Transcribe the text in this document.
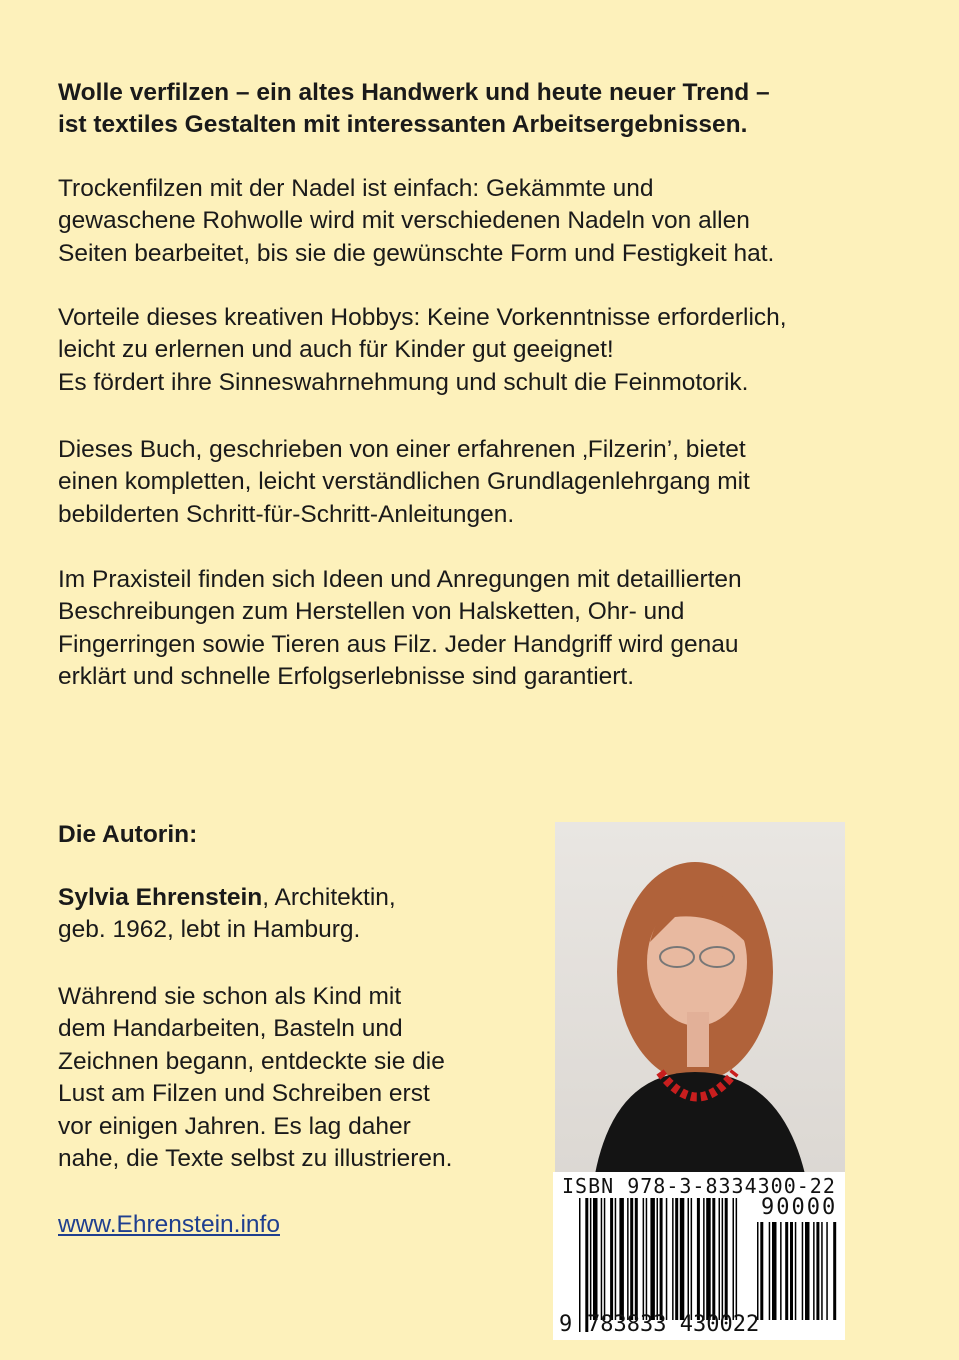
Wolle verfilzen – ein altes Handwerk und heute neuer Trend –
ist textiles Gestalten mit interessanten Arbeitsergebnissen.
Trockenfilzen mit der Nadel ist einfach: Gekämmte und
gewaschene Rohwolle wird mit verschiedenen Nadeln von allen
Seiten bearbeitet, bis sie die gewünschte Form und Festigkeit hat.
Vorteile dieses kreativen Hobbys: Keine Vorkenntnisse erforderlich,
leicht zu erlernen und auch für Kinder gut geeignet!
Es fördert ihre Sinneswahrnehmung und schult die Feinmotorik.
Dieses Buch, geschrieben von einer erfahrenen ‚Filzerin’, bietet
einen kompletten, leicht verständlichen Grundlagenlehrgang mit
bebilderten Schritt-für-Schritt-Anleitungen.
Im Praxisteil finden sich Ideen und Anregungen mit detaillierten
Beschreibungen zum Herstellen von Halsketten, Ohr- und
Fingerringen sowie Tieren aus Filz. Jeder Handgriff wird genau
erklärt und schnelle Erfolgserlebnisse sind garantiert.
Die Autorin:
Sylvia Ehrenstein, Architektin,
geb. 1962, lebt in Hamburg.
Während sie schon als Kind mit
dem Handarbeiten, Basteln und
Zeichnen begann, entdeckte sie die
Lust am Filzen und Schreiben erst
vor einigen Jahren. Es lag daher
nahe, die Texte selbst zu illustrieren.
www.Ehrenstein.info
ISBN 978-3-8334300-22
90000
9 783833 430022
